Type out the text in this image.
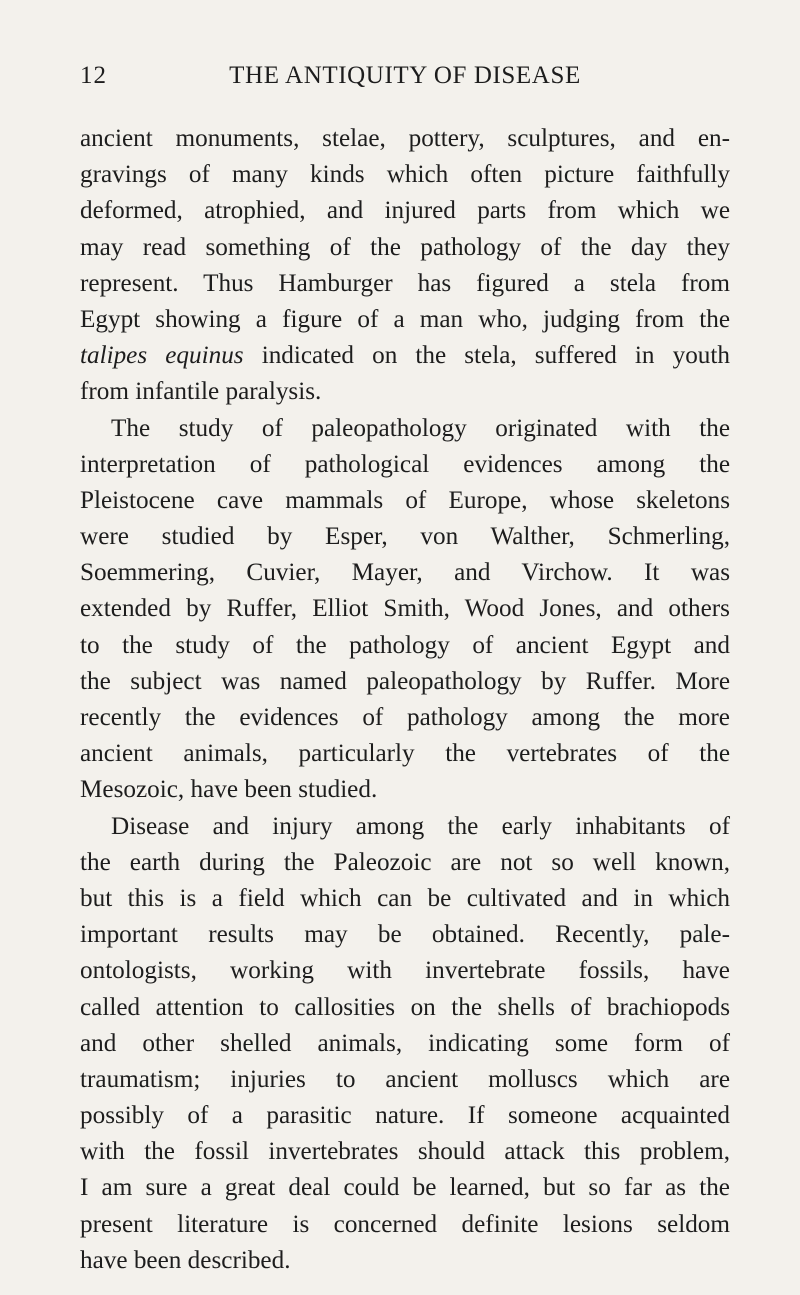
12	THE ANTIQUITY OF DISEASE
ancient monuments, stelae, pottery, sculptures, and en-
gravings of many kinds which often picture faithfully
deformed, atrophied, and injured parts from which we
may read something of the pathology of the day they
represent. Thus Hamburger has figured a stela from
Egypt showing a figure of a man who, judging from the
talipes equinus indicated on the stela, suffered in youth
from infantile paralysis.
The study of paleopathology originated with the
interpretation of pathological evidences among the
Pleistocene cave mammals of Europe, whose skeletons
were studied by Esper, von Walther, Schmerling,
Soemmering, Cuvier, Mayer, and Virchow. It was
extended by Ruffer, Elliot Smith, Wood Jones, and others
to the study of the pathology of ancient Egypt and
the subject was named paleopathology by Ruffer. More
recently the evidences of pathology among the more
ancient animals, particularly the vertebrates of the
Mesozoic, have been studied.
Disease and injury among the early inhabitants of
the earth during the Paleozoic are not so well known,
but this is a field which can be cultivated and in which
important results may be obtained. Recently, pale-
ontologists, working with invertebrate fossils, have
called attention to callosities on the shells of brachiopods
and other shelled animals, indicating some form of
traumatism; injuries to ancient molluscs which are
possibly of a parasitic nature. If someone acquainted
with the fossil invertebrates should attack this problem,
I am sure a great deal could be learned, but so far as the
present literature is concerned definite lesions seldom
have been described.
